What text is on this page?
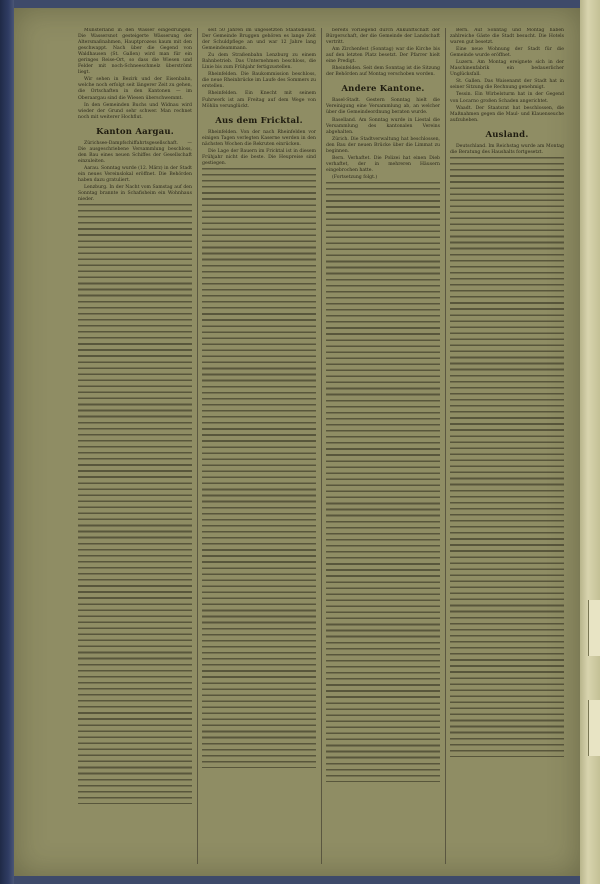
Münsterland in den Wässer eingedrungen. Die Wassersnot gesteigerte Wässerung der Altersmaßnahmen, Hauptprozess kaum mit den geschwappt. Nach über die Gegend von Waldhausen (St. Gallen) wird man für ein geringes Reise-Ort, so dass die Wiesen und Felder mit noch-Schneeschmelz überströmt liegt.

Wir sehen in Bezirk und der Eisenbahn, welche noch erfolgt seit längerer Zeit zu gehen, die Ortschaften in den Kantonen — im Oberaargau sind die Wiesen überschwemmt.

In den Gemeinden Buchs und Widnau wird wieder der Grund sehr schwer. Man rechnet noch mit weiterer Hochflut.

Kanton Aargau.

Zürichsee-Dampfschiffahrtsgesellschaft. — Die ausgeschriebene Versammlung beschloss, den Bau eines neuen Schiffes der Gesellschaft einzuleiten.

Aarau. Sonntag wurde (12. März) in der Stadt ein neues Vereinslokal eröffnet. Die Behörden haben dazu gratuliert.

Lenzburg. In der Nacht vom Samstag auf den Sonntag brannte in Schafisheim ein Wohnhaus nieder.

seit 50 Jahren im ungesetzten Staatsdienst. Der Gemeinde Bruggen gehören es lange Zeit der Schuldpflege an und war 12 Jahre lang Gemeindeammann.

Zu dem Straßenbahn Lenzburg zu einem Bahnbetrieb. Das Unternehmen beschloss, die Linie bis zum Frühjahr fertigzustellen.

Rheinfelden. Die Baukommission beschloss, die neue Rheinbrücke im Laufe des Sommers zu erstellen.

Rheinfelden. Ein Knecht mit seinem Fuhrwerk ist am Freitag auf dem Wege von Möhlin verunglückt.

Aus dem Fricktal.

Rheinfelden. Von der nach Rheinfelden vor einigen Tagen verlegten Kaserne werden in den nächsten Wochen die Rekruten einrücken.

Die Lage der Bauern im Fricktal ist in diesem Frühjahr nicht die beste. Die Heupreise sind gestiegen.

bereits vorliegend durch Ankunftschaft der Bürgerschaft, der die Gemeinde der Landschaft vertritt.

Am Zirchenfest (Sonntag) war die Kirche bis auf den letzten Platz besetzt. Der Pfarrer hielt eine Predigt.

Rheinfelden. Seit dem Sonntag ist die Sitzung der Behörden auf Montag verschoben worden.

Andere Kantone.

Basel-Stadt. Gestern Sonntag hielt die Vereinigung eine Versammlung ab, an welcher über die Gemeindeordnung beraten wurde.

Baselland. Am Sonntag wurde in Liestal die Versammlung des kantonalen Vereins abgehalten.

Zürich. Die Stadtverwaltung hat beschlossen, den Bau der neuen Brücke über die Limmat zu beginnen.

Bern. Verhaftet. Die Polizei hat einen Dieb verhaftet, der in mehreren Häusern eingebrochen hatte.

(Fortsetzung folgt.)

Bern. Auf Sonntag und Montag haben zahlreiche Gäste die Stadt besucht. Die Hotels waren gut besetzt.

Eine neue Wohnung der Stadt für die Gemeinde wurde eröffnet.

Luzern. Am Montag ereignete sich in der Maschinenfabrik ein bedauerlicher Unglücksfall.

St. Gallen. Das Waisenamt der Stadt hat in seiner Sitzung die Rechnung genehmigt.

Tessin. Ein Wirbelsturm hat in der Gegend von Locarno großen Schaden angerichtet.

Waadt. Der Staatsrat hat beschlossen, die Maßnahmen gegen die Maul- und Klauenseuche aufzuheben.

Ausland.

Deutschland. Im Reichstag wurde am Montag die Beratung des Haushalts fortgesetzt.
